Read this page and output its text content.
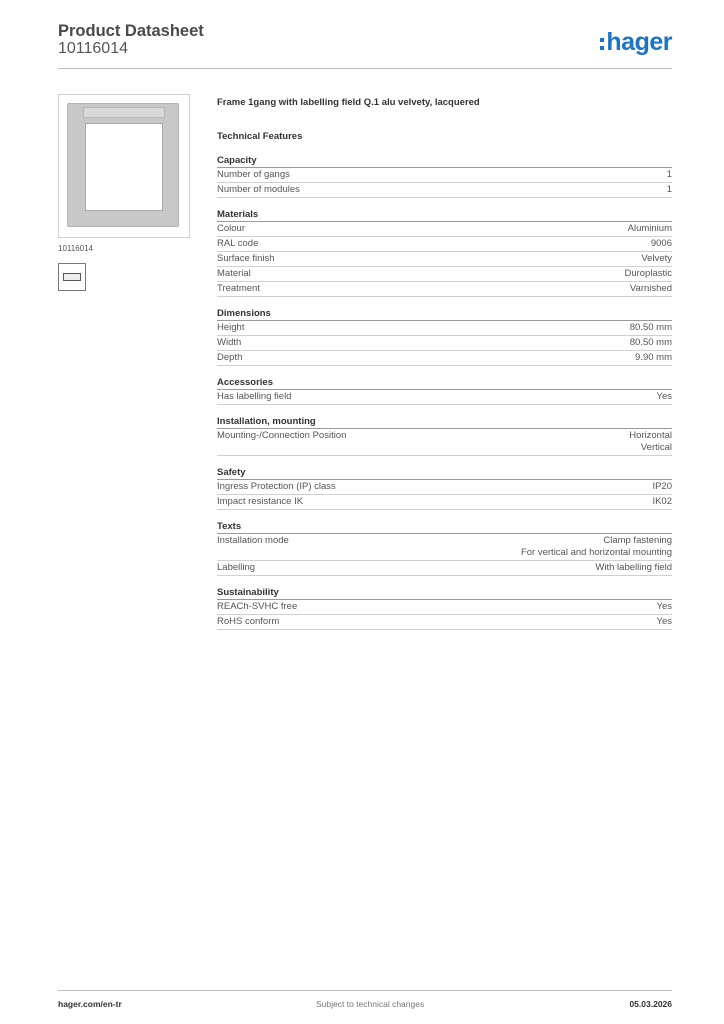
Product Datasheet
10116014	hager
10116014
Frame 1gang with labelling field Q.1 alu velvety, lacquered
Technical Features
Capacity
Number of gangs	1
Number of modules	1
Materials
Colour	Aluminium
RAL code	9006
Surface finish	Velvety
Material	Duroplastic
Treatment	Varnished
Dimensions
Height	80.50 mm
Width	80.50 mm
Depth	9.90 mm
Accessories
Has labelling field	Yes
Installation, mounting
Mounting-/Connection Position	Horizontal
Vertical
Safety
Ingress Protection (IP) class	IP20
Impact resistance IK	IK02
Texts
Installation mode	Clamp fastening
For vertical and horizontal mounting
Labelling	With labelling field
Sustainability
REACh-SVHC free	Yes
RoHS conform	Yes
hager.com/en-tr	Subject to technical changes	05.03.2026
